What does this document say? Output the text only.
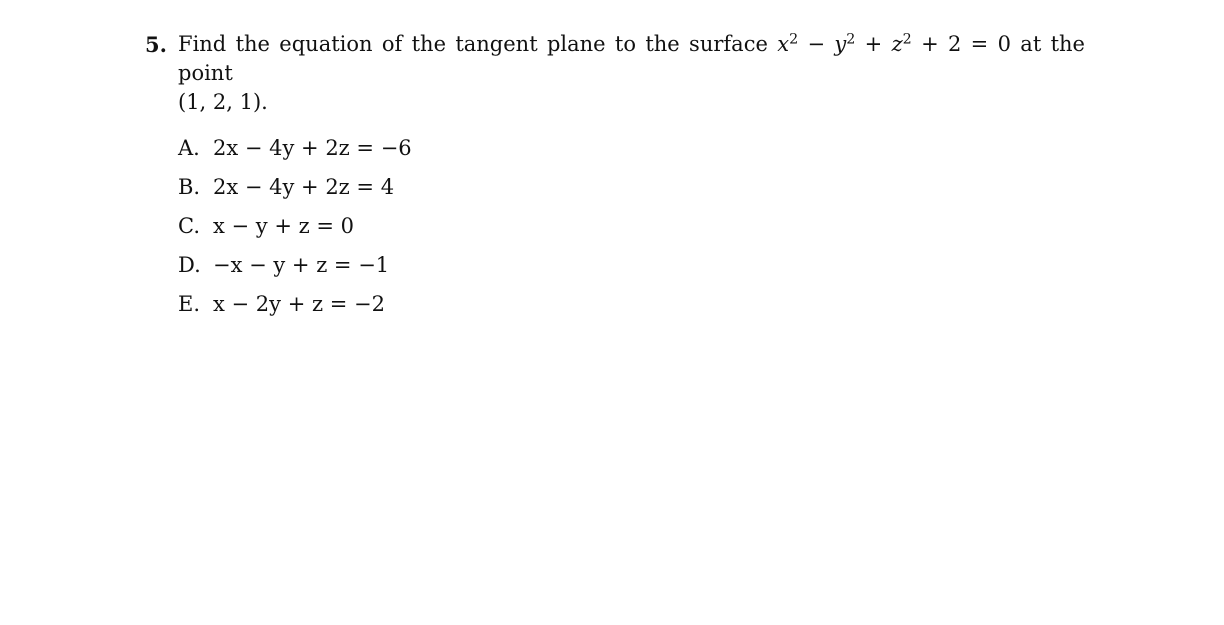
5. Find the equation of the tangent plane to the surface $x^2 - y^2 + z^2 + 2 = 0$ at the point
(1, 2, 1).
A. 2x − 4y + 2z = −6
B. 2x − 4y + 2z = 4
C. x − y + z = 0
D. −x − y + z = −1
E. x − 2y + z = −2
